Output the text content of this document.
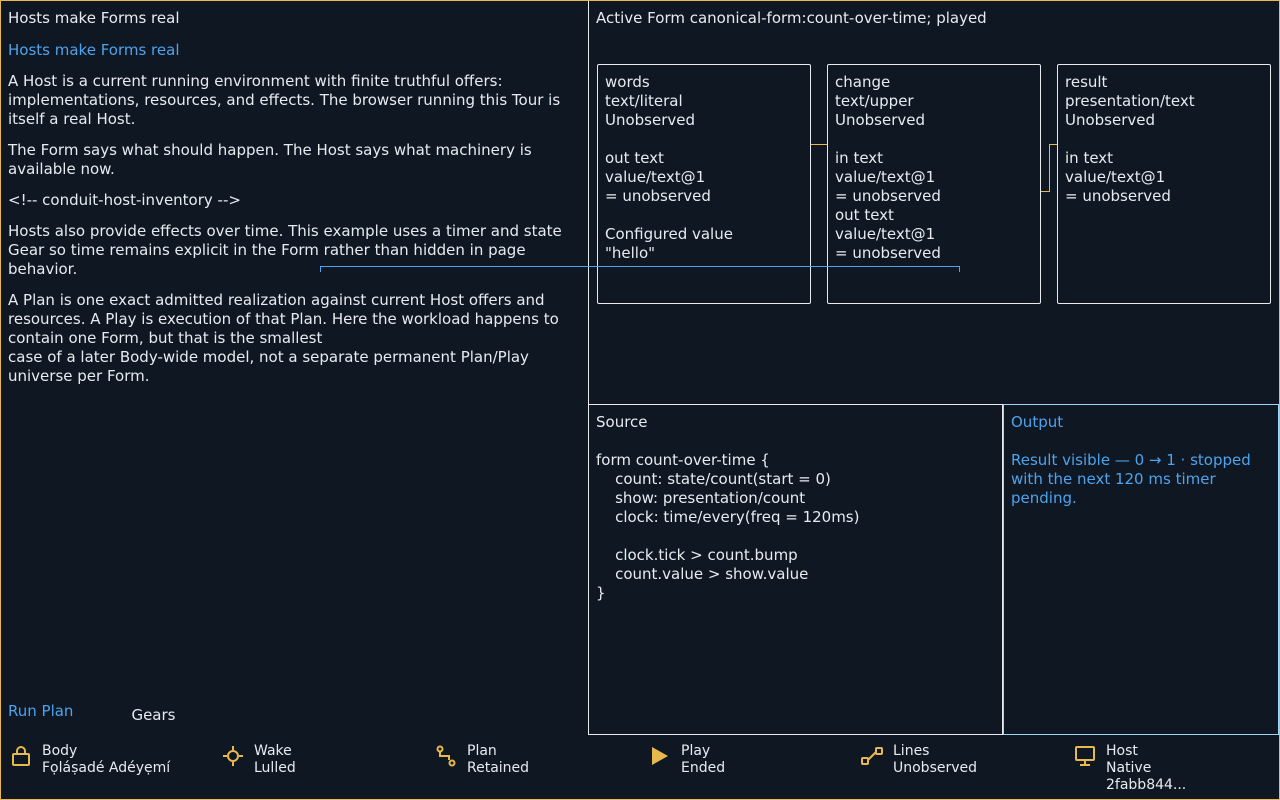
Hosts make Forms real
Hosts make Forms real

A Host is a current running environment with finite truthful offers: implementations, resources, and effects. The browser running this Tour is itself a real Host.

The Form says what should happen. The Host says what machinery is available now.

<!-- conduit-host-inventory -->

Hosts also provide effects over time. This example uses a timer and state Gear so time remains explicit in the Form rather than hidden in page behavior.

A Plan is one exact admitted realization against current Host offers and resources. A Play is execution of that Plan. Here the workload happens to contain one Form, but that is the smallest
case of a later Body-wide model, not a separate permanent Plan/Play universe per Form.

Run Plan	Gears
Active Form canonical-form:count-over-time; played
words
text/literal
Unobserved

out text
value/text@1
= unobserved

Configured value
"hello"
change
text/upper
Unobserved

in text
value/text@1
= unobserved
out text
value/text@1
= unobserved
result
presentation/text
Unobserved

in text
value/text@1
= unobserved
Source
form count-over-time {
count: state/count(start = 0)
show: presentation/count
clock: time/every(freq = 120ms)

clock.tick > count.bump
count.value > show.value
}
Output
Result visible — 0 → 1 · stopped with the next 120 ms timer pending.
Body
Fọláṣadé Adéyẹmí
Wake
Lulled
Plan
Retained
Play
Ended
Lines
Unobserved
Host
Native
2fabb844...
